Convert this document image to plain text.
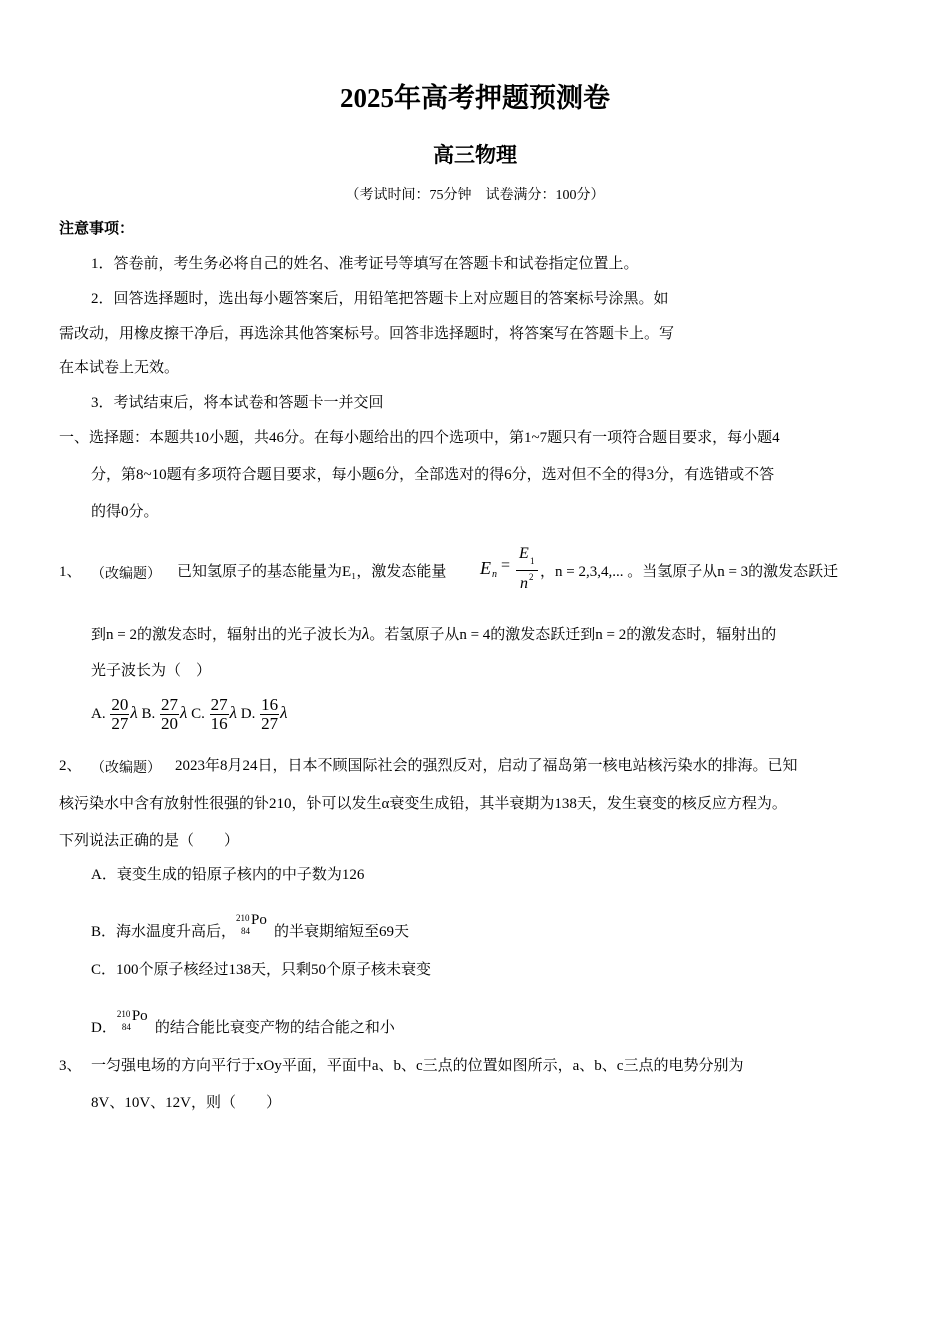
2025年高考押题预测卷
高三物理
（考试时间：75分钟　试卷满分：100分）
注意事项：
1．答卷前，考生务必将自己的姓名、准考证号等填写在答题卡和试卷指定位置上。
2．回答选择题时，选出每小题答案后，用铅笔把答题卡上对应题目的答案标号涂黑。如
需改动，用橡皮擦干净后，再选涂其他答案标号。回答非选择题时，将答案写在答题卡上。写
在本试卷上无效。
3．考试结束后，将本试卷和答题卡一并交回
一、选择题：本题共10小题，共46分。在每小题给出的四个选项中，第1~7题只有一项符合题目要求，每小题4
分，第8~10题有多项符合题目要求，每小题6分，全部选对的得6分，选对但不全的得3分，有选错或不答
的得0分。
1、 （改编题） 已知氢原子的基态能量为E₁，激发态能量 E n
=
E 1
n 2 ，n = 2,3,4,... 。当氢原子从n = 3的激发态跃迁
到n = 2的激发态时，辐射出的光子波长为λ。若氢原子从n = 4的激发态跃迁到n = 2的激发态时，辐射出的
光子波长为（　）
A. $\frac{20}{27}$ λ B. $\frac{27}{20}$ λ C. $\frac{27}{16}$ λ D. $\frac{16}{27}$ λ
2、 （改编题） 2023年8月24日，日本不顾国际社会的强烈反对，启动了福岛第一核电站核污染水的排海。已知
核污染水中含有放射性很强的钋210，钋可以发生α衰变生成铅，其半衰期为138天，发生衰变的核反应方程为。
下列说法正确的是（　　）
A．衰变生成的铅原子核内的中子数为126
B．海水温度升高后，
210
84
Po
的半衰期缩短至69天
C．100个原子核经过138天，只剩50个原子核未衰变
D．
210
84
Po
的结合能比衰变产物的结合能之和小
3、 一匀强电场的方向平行于xOy平面，平面中a、b、c三点的位置如图所示，a、b、c三点的电势分别为
8V、10V、12V，则（　　）
